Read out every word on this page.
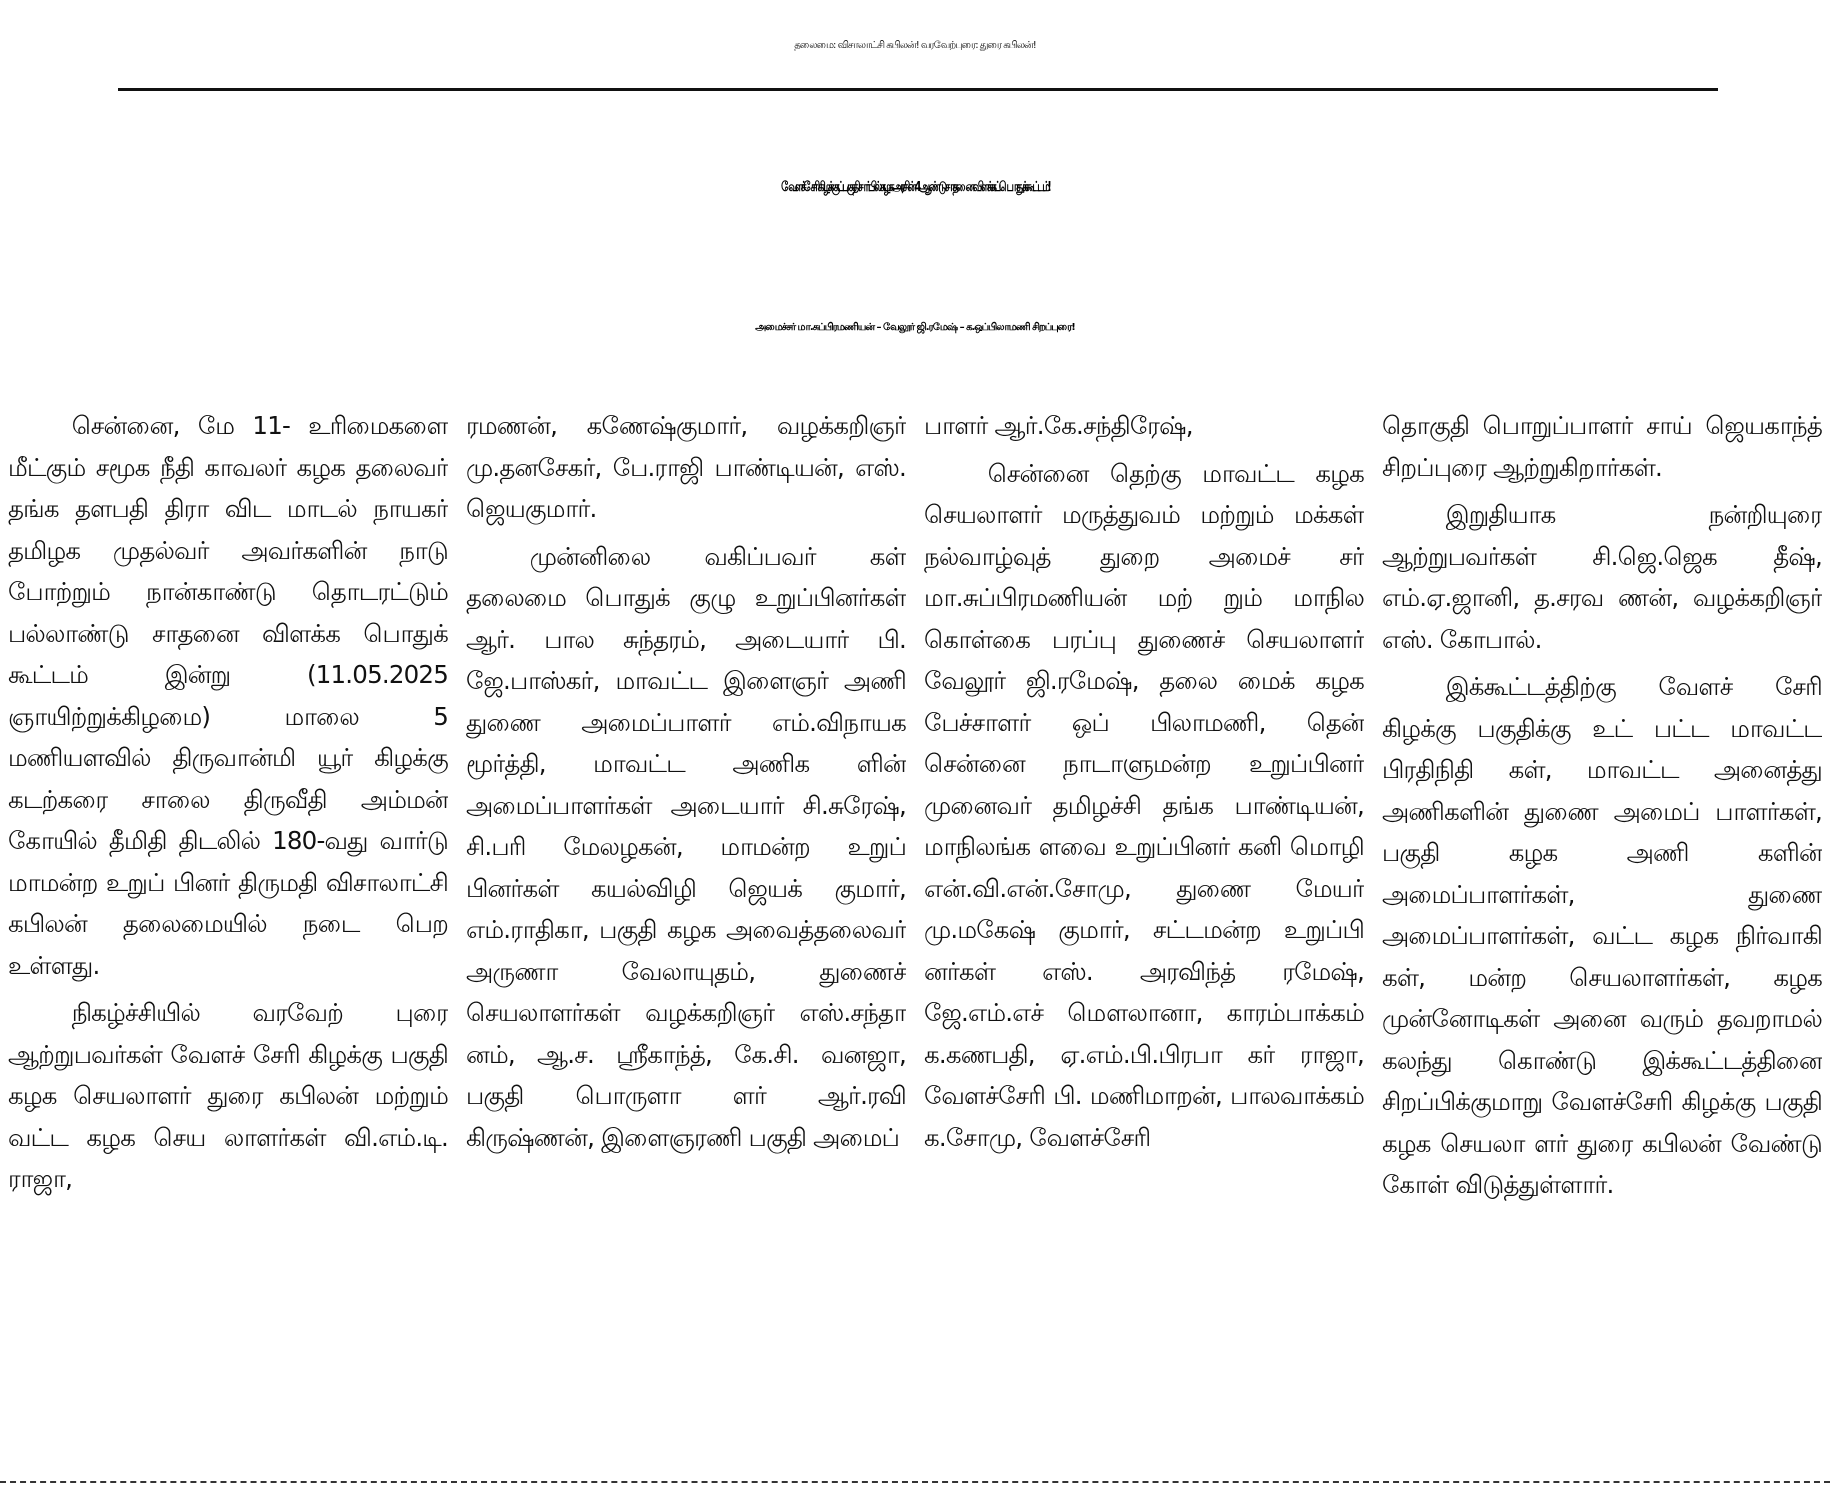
தலைமை: விசாலாட்சி கபிலன்! வரவேற்புரை: துரை கபிலன்!
வேளச்சேரி கிழக்குப் பகுதி சார்பில் கழக அரசின் 4 ஆண்டு சாதனை விளக்கப் பொதுக்கூட்டம்!
அமைச்சர் மா.சுப்பிரமணியன் – வேலூர் ஜி.ரமேஷ் – க.ஒப்பிலாமணி சிறப்புரை!

சென்னை, மே 11- உரிமைகளை மீட்கும் சமூக நீதி காவலர் கழக தலைவர் தங்க தளபதி திரா விட மாடல் நாயகர் தமிழக முதல்வர் அவர்களின் நாடு போற்றும் நான்காண்டு தொடரட்டும் பல்லாண்டு சாதனை விளக்க பொதுக் கூட்டம் இன்று (11.05.2025 ஞாயிற்றுக்கிழமை) மாலை 5 மணியளவில் திருவான்மி யூர் கிழக்கு கடற்கரை சாலை திருவீதி அம்மன் கோயில் தீமிதி திடலில் 180-வது வார்டு மாமன்ற உறுப் பினர் திருமதி விசாலாட்சி கபிலன் தலைமையில் நடை பெற உள்ளது.

நிகழ்ச்சியில் வரவேற் புரை ஆற்றுபவர்கள் வேளச் சேரி கிழக்கு பகுதி கழக செயலாளர் துரை கபிலன் மற்றும் வட்ட கழக செய லாளர்கள் வி.எம்.டி. ராஜா,

ரமணன், கணேஷ்குமார், வழக்கறிஞர் மு.தனசேகர், பே.ராஜி பாண்டியன், எஸ். ஜெயகுமார்.

முன்னிலை வகிப்பவர் கள் தலைமை பொதுக் குழு உறுப்பினர்கள் ஆர். பால சுந்தரம், அடையார் பி. ஜே.பாஸ்கர், மாவட்ட இளைஞர் அணி துணை அமைப்பாளர் எம்.விநாயக மூர்த்தி, மாவட்ட அணிக ளின் அமைப்பாளர்கள் அடையார் சி.சுரேஷ், சி.பரி மேலழகன், மாமன்ற உறுப் பினர்கள் கயல்விழி ஜெயக் குமார், எம்.ராதிகா, பகுதி கழக அவைத்தலைவர் அருணா வேலாயுதம், துணைச் செயலாளர்கள் வழக்கறிஞர் எஸ்.சந்தா னம், ஆ.ச. ஸ்ரீகாந்த், கே.சி. வனஜா, பகுதி பொருளா ளர் ஆர்.ரவி கிருஷ்ணன், இளைஞரணி பகுதி அமைப்

பாளர் ஆர்.கே.சந்திரேஷ்,

சென்னை தெற்கு மாவட்ட கழக செயலாளர் மருத்துவம் மற்றும் மக்கள் நல்வாழ்வுத் துறை அமைச் சர் மா.சுப்பிரமணியன் மற் றும் மாநில கொள்கை பரப்பு துணைச் செயலாளர் வேலூர் ஜி.ரமேஷ், தலை மைக் கழக பேச்சாளர் ஒப் பிலாமணி, தென் சென்னை நாடாளுமன்ற உறுப்பினர் முனைவர் தமிழச்சி தங்க பாண்டியன், மாநிலங்க ளவை உறுப்பினர் கனி மொழி என்.வி.என்.சோமு, துணை மேயர் மு.மகேஷ் குமார், சட்டமன்ற உறுப்பி னர்கள் எஸ். அரவிந்த் ரமேஷ், ஜே.எம்.எச் மௌலானா, காரம்பாக்கம் க.கணபதி, ஏ.எம்.பி.பிரபா கர் ராஜா, வேளச்சேரி பி. மணிமாறன், பாலவாக்கம் க.சோமு, வேளச்சேரி

தொகுதி பொறுப்பாளர் சாய் ஜெயகாந்த் சிறப்புரை ஆற்றுகிறார்கள்.

இறுதியாக நன்றியுரை ஆற்றுபவர்கள் சி.ஜெ.ஜெக தீஷ், எம்.ஏ.ஜானி, த.சரவ ணன், வழக்கறிஞர் எஸ். கோபால்.

இக்கூட்டத்திற்கு வேளச் சேரி கிழக்கு பகுதிக்கு உட் பட்ட மாவட்ட பிரதிநிதி கள், மாவட்ட அனைத்து அணிகளின் துணை அமைப் பாளர்கள், பகுதி கழக அணி களின் அமைப்பாளர்கள், துணை அமைப்பாளர்கள், வட்ட கழக நிர்வாகி கள், மன்ற செயலாளர்கள், கழக முன்னோடிகள் அனை வரும் தவறாமல் கலந்து கொண்டு இக்கூட்டத்தினை சிறப்பிக்குமாறு வேளச்சேரி கிழக்கு பகுதி கழக செயலா ளர் துரை கபிலன் வேண்டு கோள் விடுத்துள்ளார்.
